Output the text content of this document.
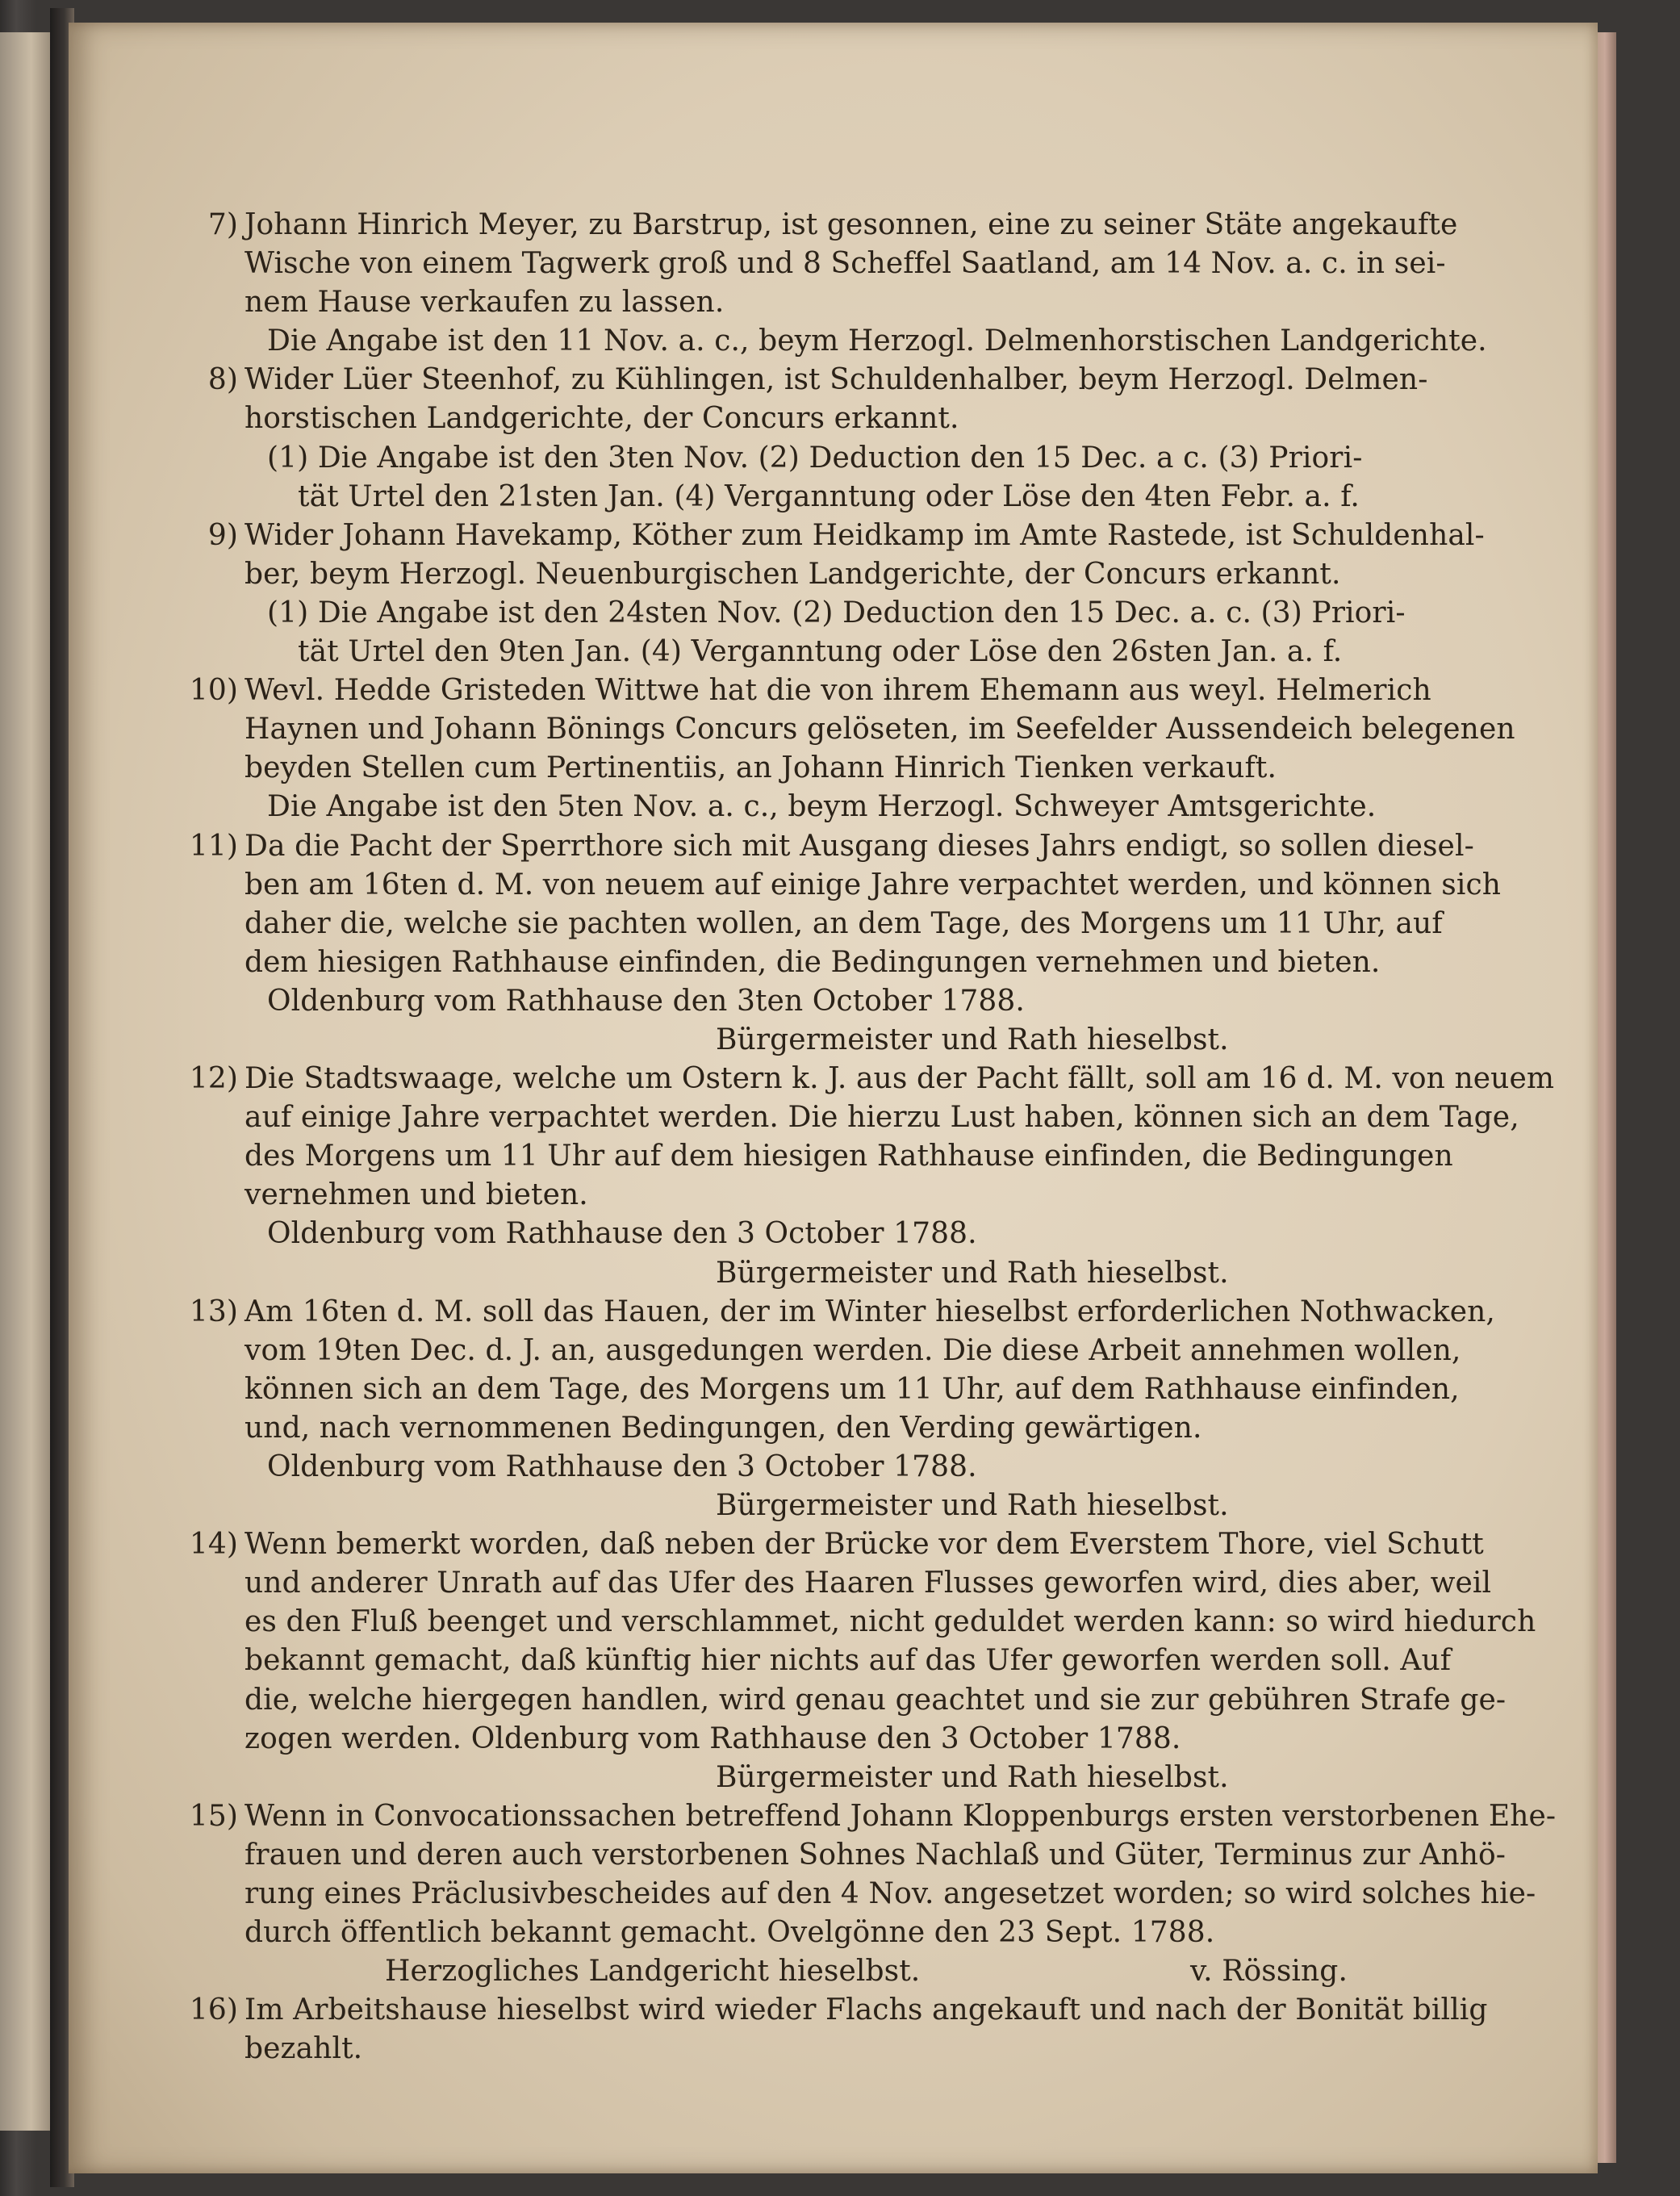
7) Johann Hinrich Meyer, zu Barstrup, ist gesonnen, eine zu seiner Stäte angekaufte
Wische von einem Tagwerk groß und 8 Scheffel Saatland, am 14 Nov. a. c. in sei-
nem Hause verkaufen zu lassen.
Die Angabe ist den 11 Nov. a. c., beym Herzogl. Delmenhorstischen Landgerichte.
8) Wider Lüer Steenhof, zu Kühlingen, ist Schuldenhalber, beym Herzogl. Delmen-
horstischen Landgerichte, der Concurs erkannt.
(1) Die Angabe ist den 3ten Nov. (2) Deduction den 15 Dec. a c. (3) Priori-
tät Urtel den 21sten Jan. (4) Verganntung oder Löse den 4ten Febr. a. f.
9) Wider Johann Havekamp, Köther zum Heidkamp im Amte Rastede, ist Schuldenhal-
ber, beym Herzogl. Neuenburgischen Landgerichte, der Concurs erkannt.
(1) Die Angabe ist den 24sten Nov. (2) Deduction den 15 Dec. a. c. (3) Priori-
tät Urtel den 9ten Jan. (4) Verganntung oder Löse den 26sten Jan. a. f.
10) Wevl. Hedde Gristeden Wittwe hat die von ihrem Ehemann aus weyl. Helmerich
Haynen und Johann Bönings Concurs gelöseten, im Seefelder Aussendeich belegenen
beyden Stellen cum Pertinentiis, an Johann Hinrich Tienken verkauft.
Die Angabe ist den 5ten Nov. a. c., beym Herzogl. Schweyer Amtsgerichte.
11) Da die Pacht der Sperrthore sich mit Ausgang dieses Jahrs endigt, so sollen diesel-
ben am 16ten d. M. von neuem auf einige Jahre verpachtet werden, und können sich
daher die, welche sie pachten wollen, an dem Tage, des Morgens um 11 Uhr, auf
dem hiesigen Rathhause einfinden, die Bedingungen vernehmen und bieten.
Oldenburg vom Rathhause den 3ten October 1788.
Bürgermeister und Rath hieselbst.
12) Die Stadtswaage, welche um Ostern k. J. aus der Pacht fällt, soll am 16 d. M. von neuem
auf einige Jahre verpachtet werden. Die hierzu Lust haben, können sich an dem Tage,
des Morgens um 11 Uhr auf dem hiesigen Rathhause einfinden, die Bedingungen
vernehmen und bieten.
Oldenburg vom Rathhause den 3 October 1788.
Bürgermeister und Rath hieselbst.
13) Am 16ten d. M. soll das Hauen, der im Winter hieselbst erforderlichen Nothwacken,
vom 19ten Dec. d. J. an, ausgedungen werden. Die diese Arbeit annehmen wollen,
können sich an dem Tage, des Morgens um 11 Uhr, auf dem Rathhause einfinden,
und, nach vernommenen Bedingungen, den Verding gewärtigen.
Oldenburg vom Rathhause den 3 October 1788.
Bürgermeister und Rath hieselbst.
14) Wenn bemerkt worden, daß neben der Brücke vor dem Everstem Thore, viel Schutt
und anderer Unrath auf das Ufer des Haaren Flusses geworfen wird, dies aber, weil
es den Fluß beenget und verschlammet, nicht geduldet werden kann: so wird hiedurch
bekannt gemacht, daß künftig hier nichts auf das Ufer geworfen werden soll. Auf
die, welche hiergegen handlen, wird genau geachtet und sie zur gebühren Strafe ge-
zogen werden. Oldenburg vom Rathhause den 3 October 1788.
Bürgermeister und Rath hieselbst.
15) Wenn in Convocationssachen betreffend Johann Kloppenburgs ersten verstorbenen Ehe-
frauen und deren auch verstorbenen Sohnes Nachlaß und Güter, Terminus zur Anhö-
rung eines Präclusivbescheides auf den 4 Nov. angesetzet worden; so wird solches hie-
durch öffentlich bekannt gemacht. Ovelgönne den 23 Sept. 1788.
Herzogliches Landgericht hieselbst.	v. Rössing.
16) Im Arbeitshause hieselbst wird wieder Flachs angekauft und nach der Bonität billig
bezahlt.
